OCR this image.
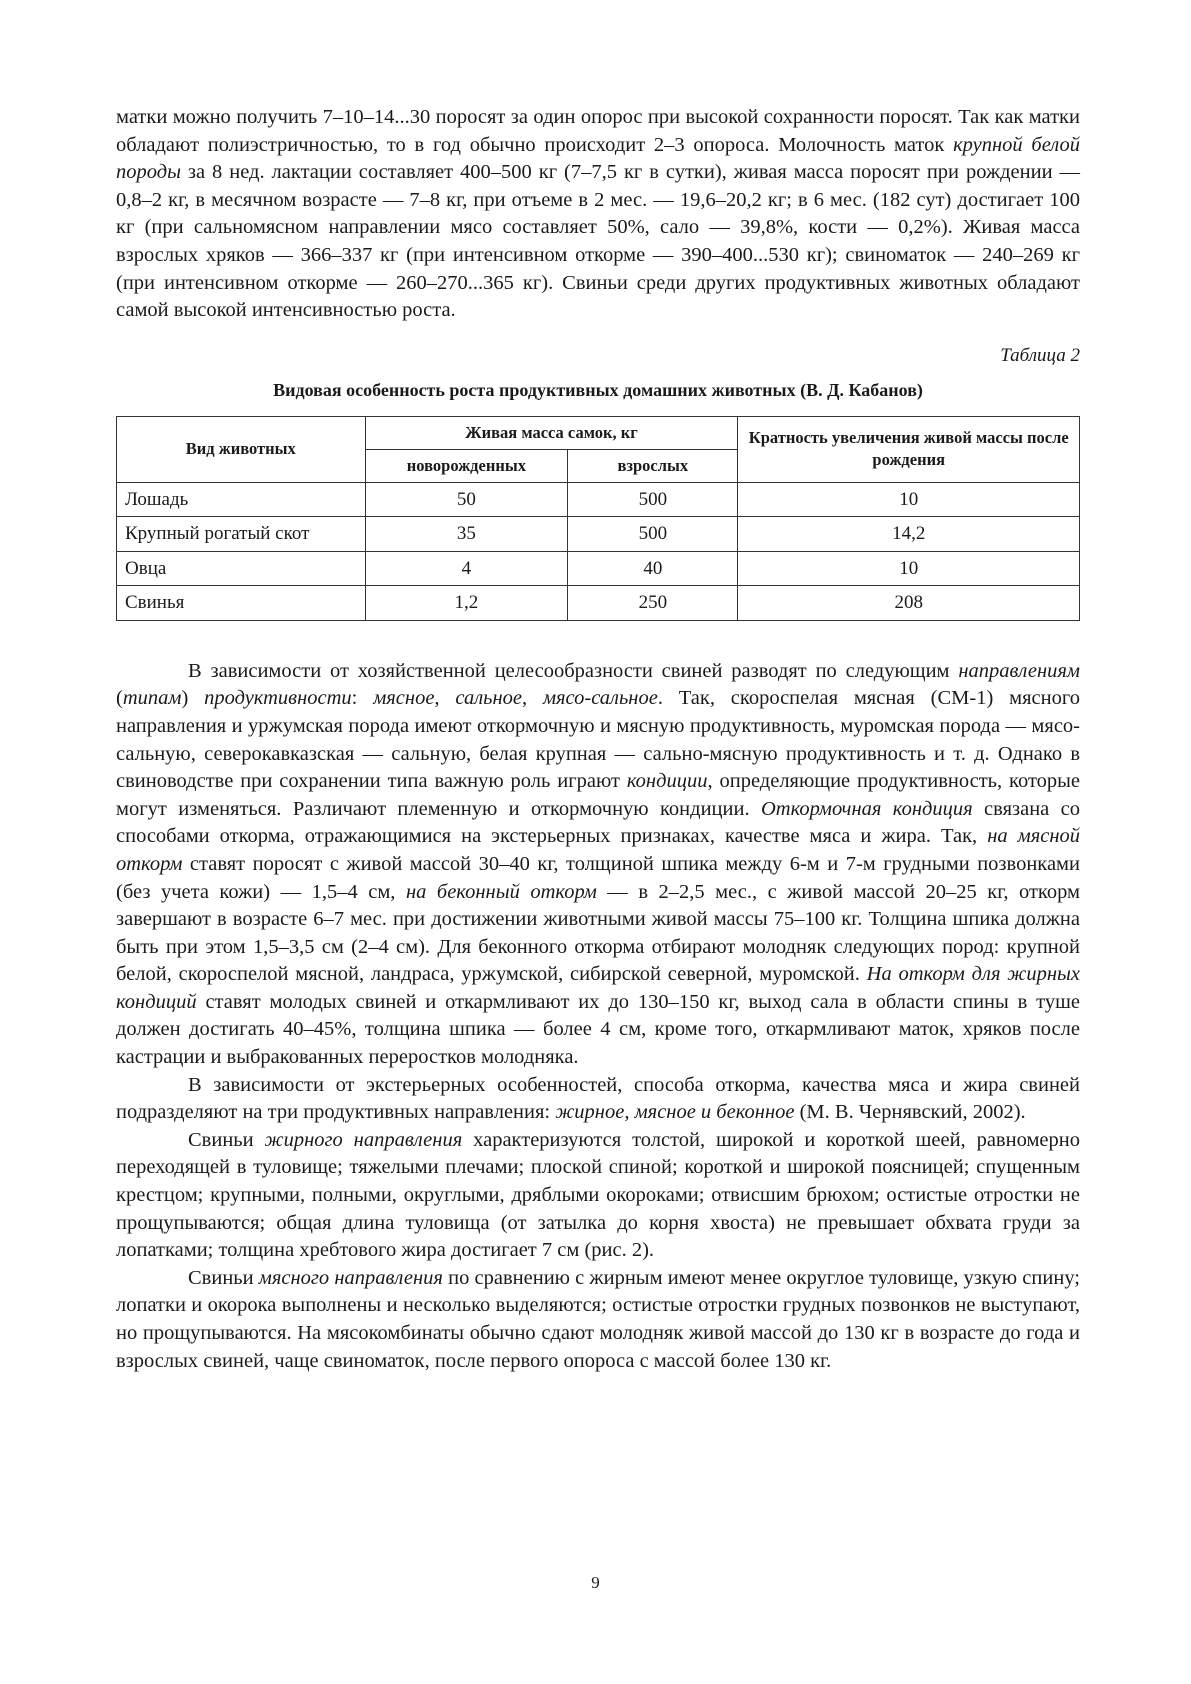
матки можно получить 7–10–14...30 поросят за один опорос при высокой сохранности поросят. Так как матки обладают полиэстричностью, то в год обычно происходит 2–3 опороса. Молочность маток крупной белой породы за 8 нед. лактации составляет 400–500 кг (7–7,5 кг в сутки), живая масса поросят при рождении — 0,8–2 кг, в месячном возрасте — 7–8 кг, при отъеме в 2 мес. — 19,6–20,2 кг; в 6 мес. (182 сут) достигает 100 кг (при сальномясном направлении мясо составляет 50%, сало — 39,8%, кости — 0,2%). Живая масса взрослых хряков — 366–337 кг (при интенсивном откорме — 390–400...530 кг); свиноматок — 240–269 кг (при интенсивном откорме — 260–270...365 кг). Свиньи среди других продуктивных животных обладают самой высокой интенсивностью роста.

Таблица 2
Видовая особенность роста продуктивных домашних животных (В. Д. Кабанов)
Вид животных	Живая масса самок, кг		Кратность увеличения живой массы после рождения
	новорожденных	взрослых	
Лошадь	50	500	10
Крупный рогатый скот	35	500	14,2
Овца	4	40	10
Свинья	1,2	250	208

В зависимости от хозяйственной целесообразности свиней разводят по следующим направлениям (типам) продуктивности: мясное, сальное, мясо-сальное. Так, скороспелая мясная (СМ-1) мясного направления и уржумская порода имеют откормочную и мясную продуктивность, муромская порода — мясо-сальную, северокавказская — сальную, белая крупная — сально-мясную продуктивность и т. д. Однако в свиноводстве при сохранении типа важную роль играют кондиции, определяющие продуктивность, которые могут изменяться. Различают племенную и откормочную кондиции. Откормочная кондиция связана со способами откорма, отражающимися на экстерьерных признаках, качестве мяса и жира. Так, на мясной откорм ставят поросят с живой массой 30–40 кг, толщиной шпика между 6-м и 7-м грудными позвонками (без учета кожи) — 1,5–4 см, на беконный откорм — в 2–2,5 мес., с живой массой 20–25 кг, откорм завершают в возрасте 6–7 мес. при достижении животными живой массы 75–100 кг. Толщина шпика должна быть при этом 1,5–3,5 см (2–4 см). Для беконного откорма отбирают молодняк следующих пород: крупной белой, скороспелой мясной, ландраса, уржумской, сибирской северной, муромской. На откорм для жирных кондиций ставят молодых свиней и откармливают их до 130–150 кг, выход сала в области спины в туше должен достигать 40–45%, толщина шпика — более 4 см, кроме того, откармливают маток, хряков после кастрации и выбракованных переростков молодняка.

В зависимости от экстерьерных особенностей, способа откорма, качества мяса и жира свиней подразделяют на три продуктивных направления: жирное, мясное и беконное (М. В. Чернявский, 2002).

Свиньи жирного направления характеризуются толстой, широкой и короткой шеей, равномерно переходящей в туловище; тяжелыми плечами; плоской спиной; короткой и широкой поясницей; спущенным крестцом; крупными, полными, округлыми, дряблыми окороками; отвисшим брюхом; остистые отростки не прощупываются; общая длина туловища (от затылка до корня хвоста) не превышает обхвата груди за лопатками; толщина хребтового жира достигает 7 см (рис. 2).

Свиньи мясного направления по сравнению с жирным имеют менее округлое туловище, узкую спину; лопатки и окорока выполнены и несколько выделяются; остистые отростки грудных позвонков не выступают, но прощупываются. На мясокомбинаты обычно сдают молодняк живой массой до 130 кг в возрасте до года и взрослых свиней, чаще свиноматок, после первого опороса с массой более 130 кг.

9
